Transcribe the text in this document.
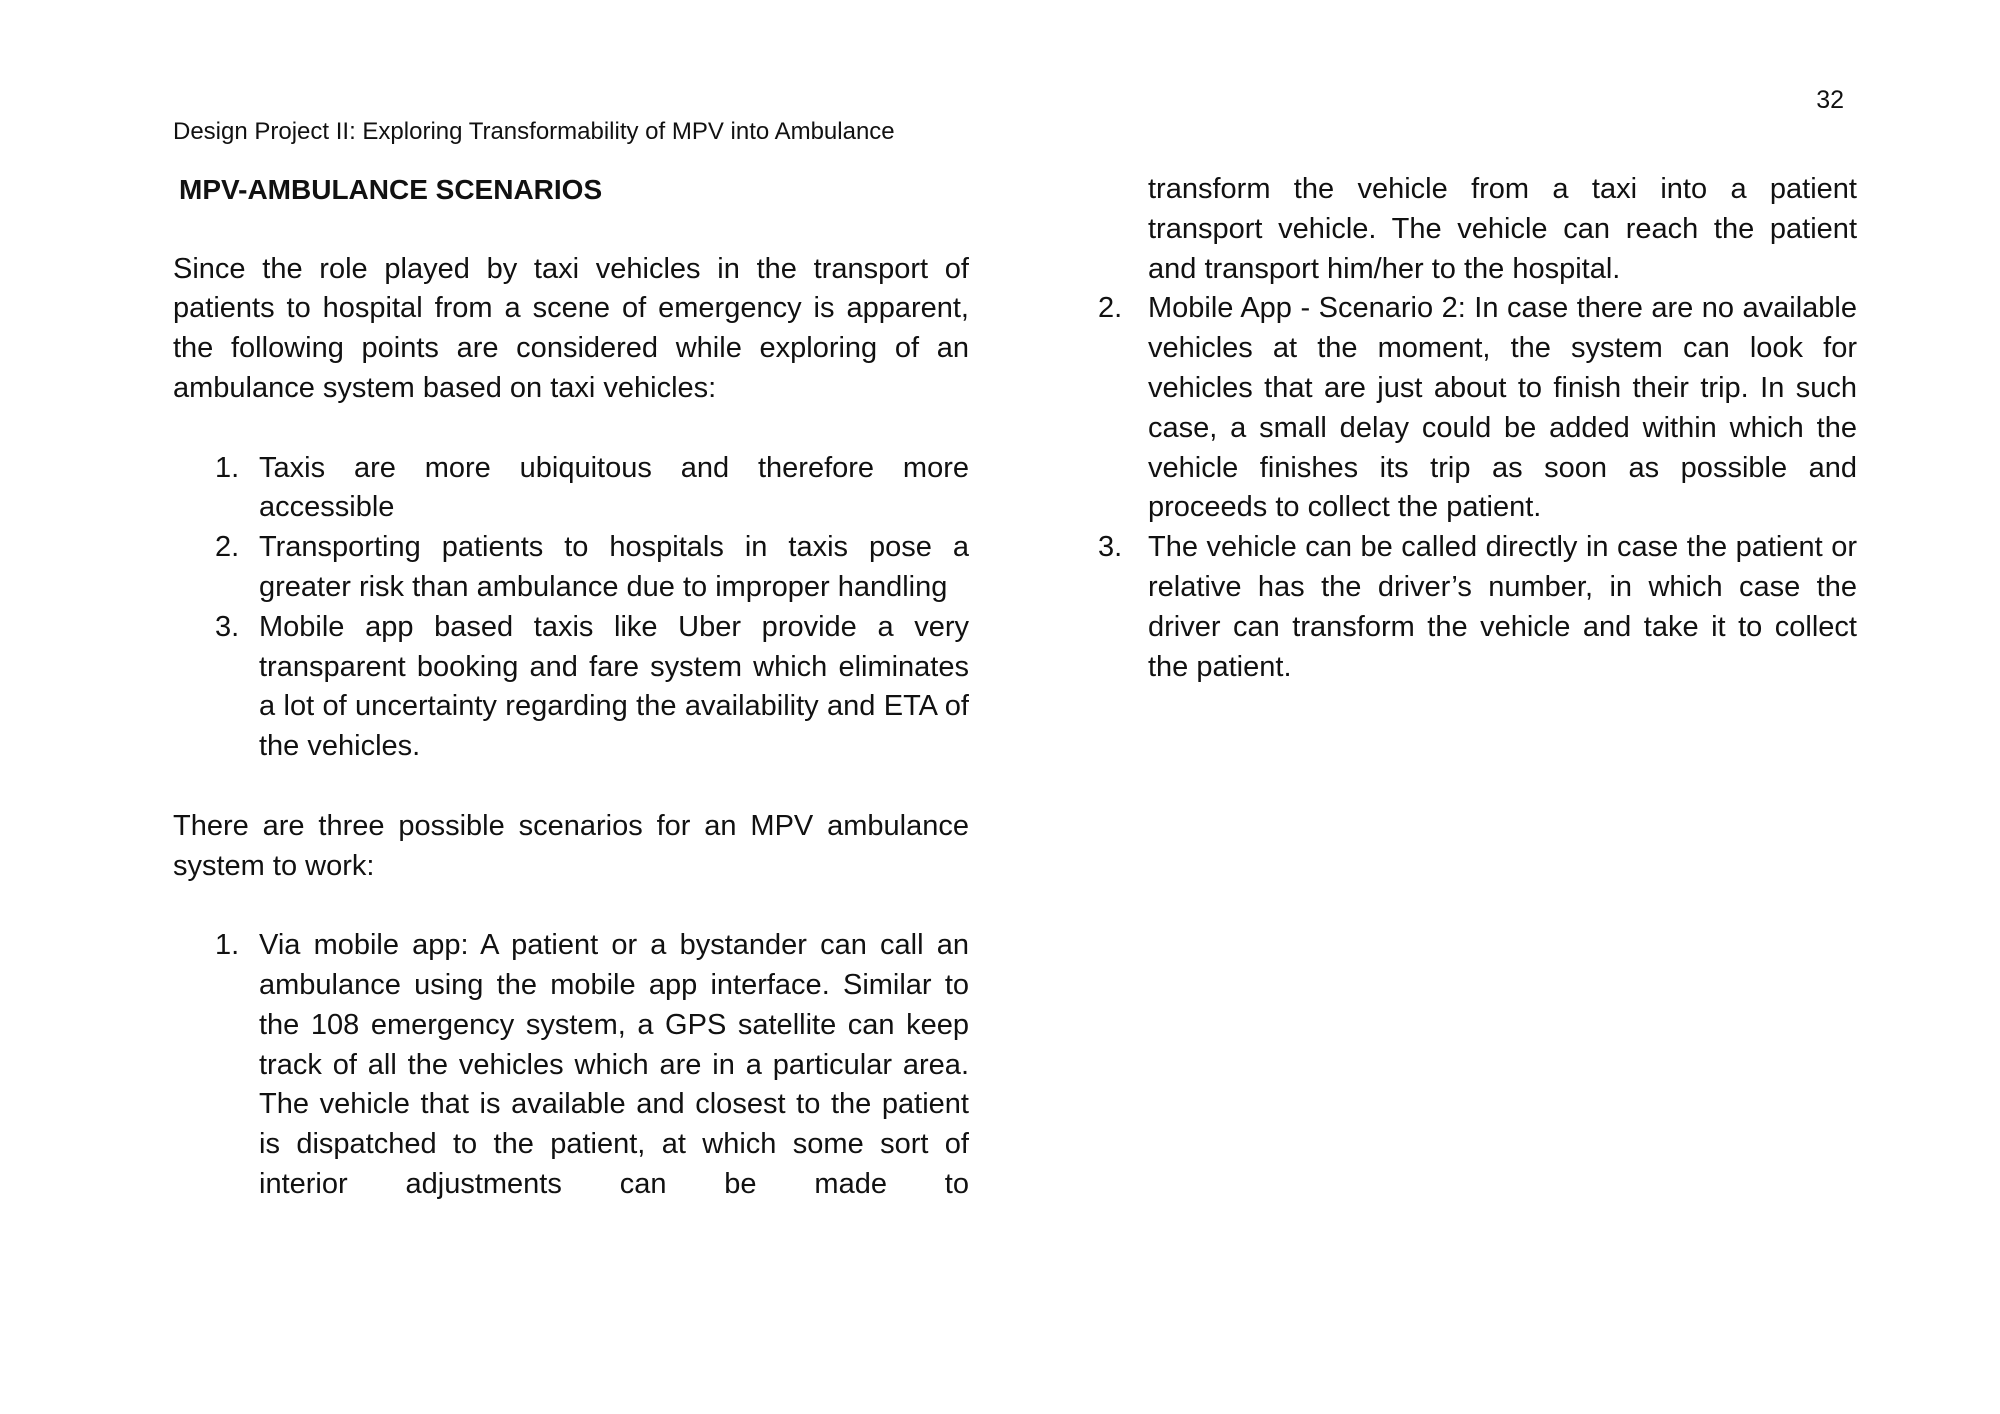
32
Design Project II: Exploring Transformability of MPV into Ambulance
MPV-AMBULANCE SCENARIOS

Since the role played by taxi vehicles in the transport of patients to hospital from a scene of emergency is apparent, the following points are considered while exploring of an ambulance system based on taxi vehicles:

1. Taxis are more ubiquitous and therefore more accessible
2. Transporting patients to hospitals in taxis pose a greater risk than ambulance due to improper handling
3. Mobile app based taxis like Uber provide a very transparent booking and fare system which eliminates a lot of uncertainty regarding the availability and ETA of the vehicles.

There are three possible scenarios for an MPV ambulance system to work:

1. Via mobile app: A patient or a bystander can call an ambulance using the mobile app interface. Similar to the 108 emergency system, a GPS satellite can keep track of all the vehicles which are in a particular area. The vehicle that is available and closest to the patient is dispatched to the patient, at which some sort of interior adjustments can be made to

transform the vehicle from a taxi into a patient transport vehicle. The vehicle can reach the patient and transport him/her to the hospital.

2. Mobile App - Scenario 2: In case there are no available vehicles at the moment, the system can look for vehicles that are just about to finish their trip. In such case, a small delay could be added within which the vehicle finishes its trip as soon as possible and proceeds to collect the patient.
3. The vehicle can be called directly in case the patient or relative has the driver’s number, in which case the driver can transform the vehicle and take it to collect the patient.
